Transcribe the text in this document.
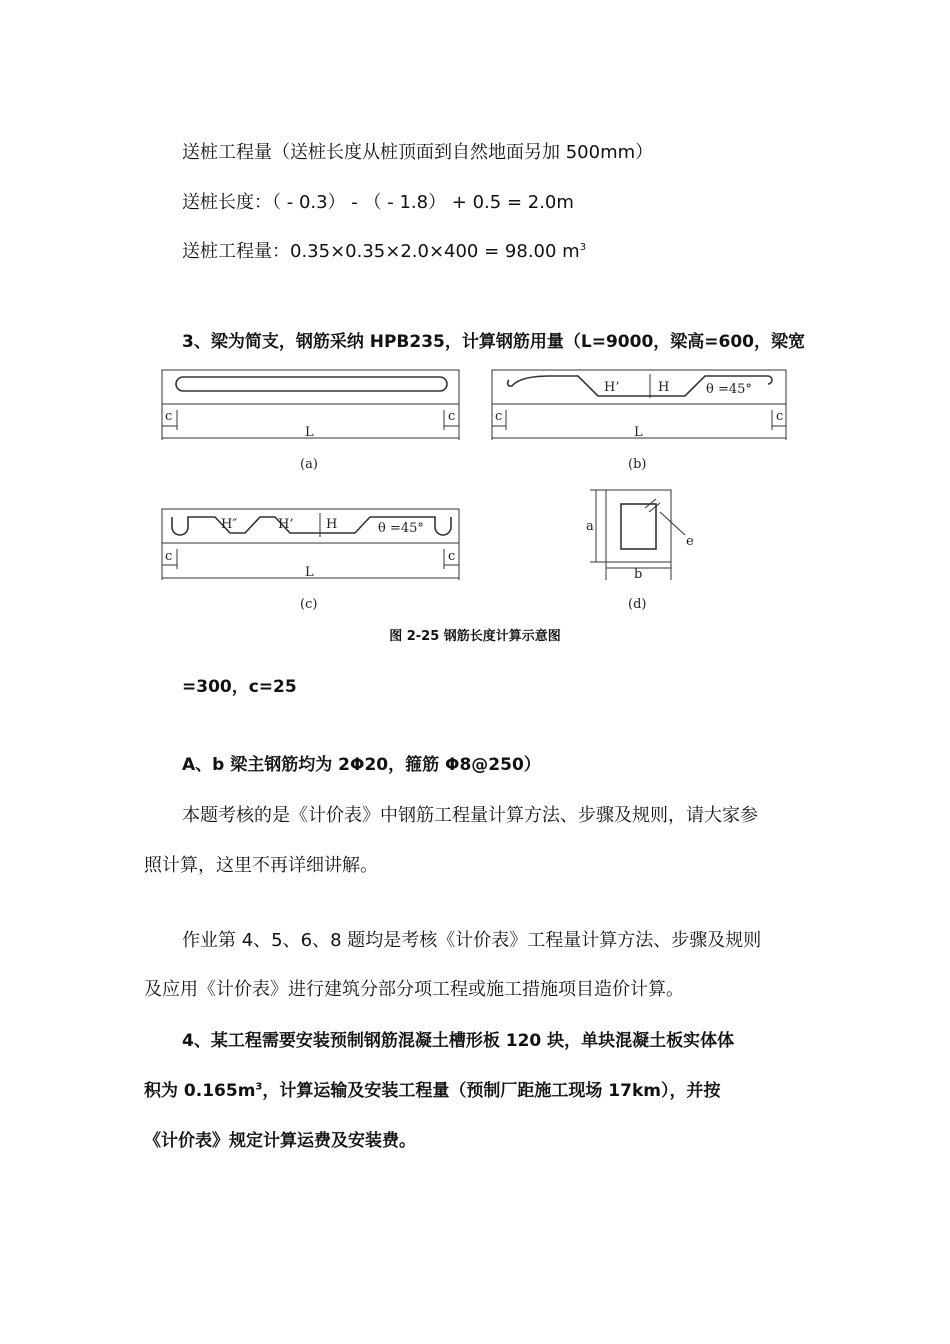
送桩工程量（送桩长度从桩顶面到自然地面另加 500mm）
送桩长度：（ - 0.3） - （ - 1.8） + 0.5 = 2.0m
送桩工程量：0.35×0.35×2.0×400 = 98.00 $m^3$
3、梁为简支，钢筋采纳 HPB235，计算钢筋用量（L=9000，梁高=600，梁宽
c	c
L
(a)
c	c
L
H’	H	θ =45°
(b)
c	c
L
H″	H’	H	θ =45°
(c)
a
b
e
(d)
图 2-25 钢筋长度计算示意图
=300，c=25
A、b 梁主钢筋均为 2Φ20，箍筋 Φ8@250）
本题考核的是《计价表》中钢筋工程量计算方法、步骤及规则，请大家参
照计算，这里不再详细讲解。
作业第 4、5、6、8 题均是考核《计价表》工程量计算方法、步骤及规则
及应用《计价表》进行建筑分部分项工程或施工措施项目造价计算。
4、某工程需要安装预制钢筋混凝土槽形板 120 块，单块混凝土板实体体
积为 $0.165m^3$，计算运输及安装工程量（预制厂距施工现场 17km），并按
《计价表》规定计算运费及安装费。
